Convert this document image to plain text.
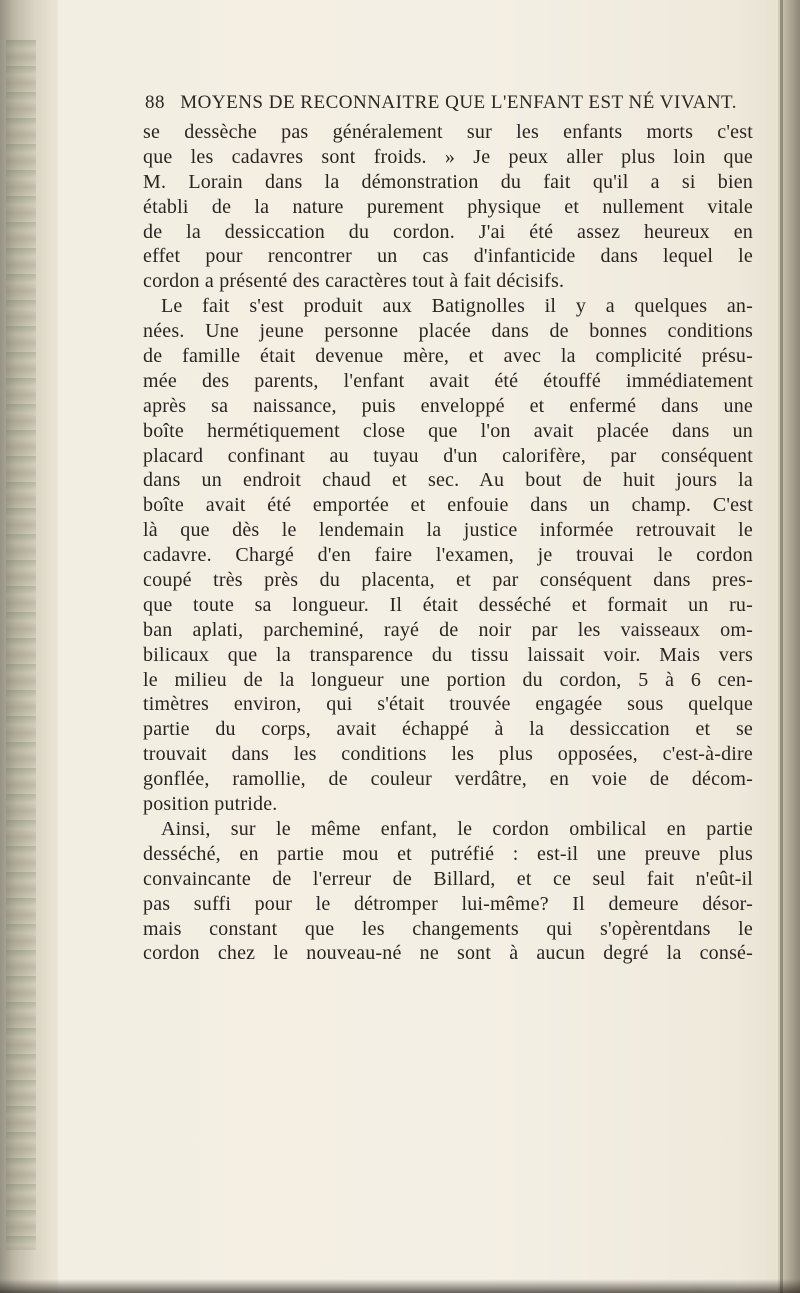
88 MOYENS DE RECONNAITRE QUE L'ENFANT EST NÉ VIVANT.
se dessèche pas généralement sur les enfants morts c'est
que les cadavres sont froids. » Je peux aller plus loin que
M. Lorain dans la démonstration du fait qu'il a si bien
établi de la nature purement physique et nullement vitale
de la dessiccation du cordon. J'ai été assez heureux en
effet pour rencontrer un cas d'infanticide dans lequel le
cordon a présenté des caractères tout à fait décisifs.
Le fait s'est produit aux Batignolles il y a quelques an-
nées. Une jeune personne placée dans de bonnes conditions
de famille était devenue mère, et avec la complicité présu-
mée des parents, l'enfant avait été étouffé immédiatement
après sa naissance, puis enveloppé et enfermé dans une
boîte hermétiquement close que l'on avait placée dans un
placard confinant au tuyau d'un calorifère, par conséquent
dans un endroit chaud et sec. Au bout de huit jours la
boîte avait été emportée et enfouie dans un champ. C'est
là que dès le lendemain la justice informée retrouvait le
cadavre. Chargé d'en faire l'examen, je trouvai le cordon
coupé très près du placenta, et par conséquent dans pres-
que toute sa longueur. Il était desséché et formait un ru-
ban aplati, parcheminé, rayé de noir par les vaisseaux om-
bilicaux que la transparence du tissu laissait voir. Mais vers
le milieu de la longueur une portion du cordon, 5 à 6 cen-
timètres environ, qui s'était trouvée engagée sous quelque
partie du corps, avait échappé à la dessiccation et se
trouvait dans les conditions les plus opposées, c'est-à-dire
gonflée, ramollie, de couleur verdâtre, en voie de décom-
position putride.
Ainsi, sur le même enfant, le cordon ombilical en partie
desséché, en partie mou et putréfié : est-il une preuve plus
convaincante de l'erreur de Billard, et ce seul fait n'eût-il
pas suffi pour le détromper lui-même? Il demeure désor-
mais constant que les changements qui s'opèrentdans le
cordon chez le nouveau-né ne sont à aucun degré la consé-
